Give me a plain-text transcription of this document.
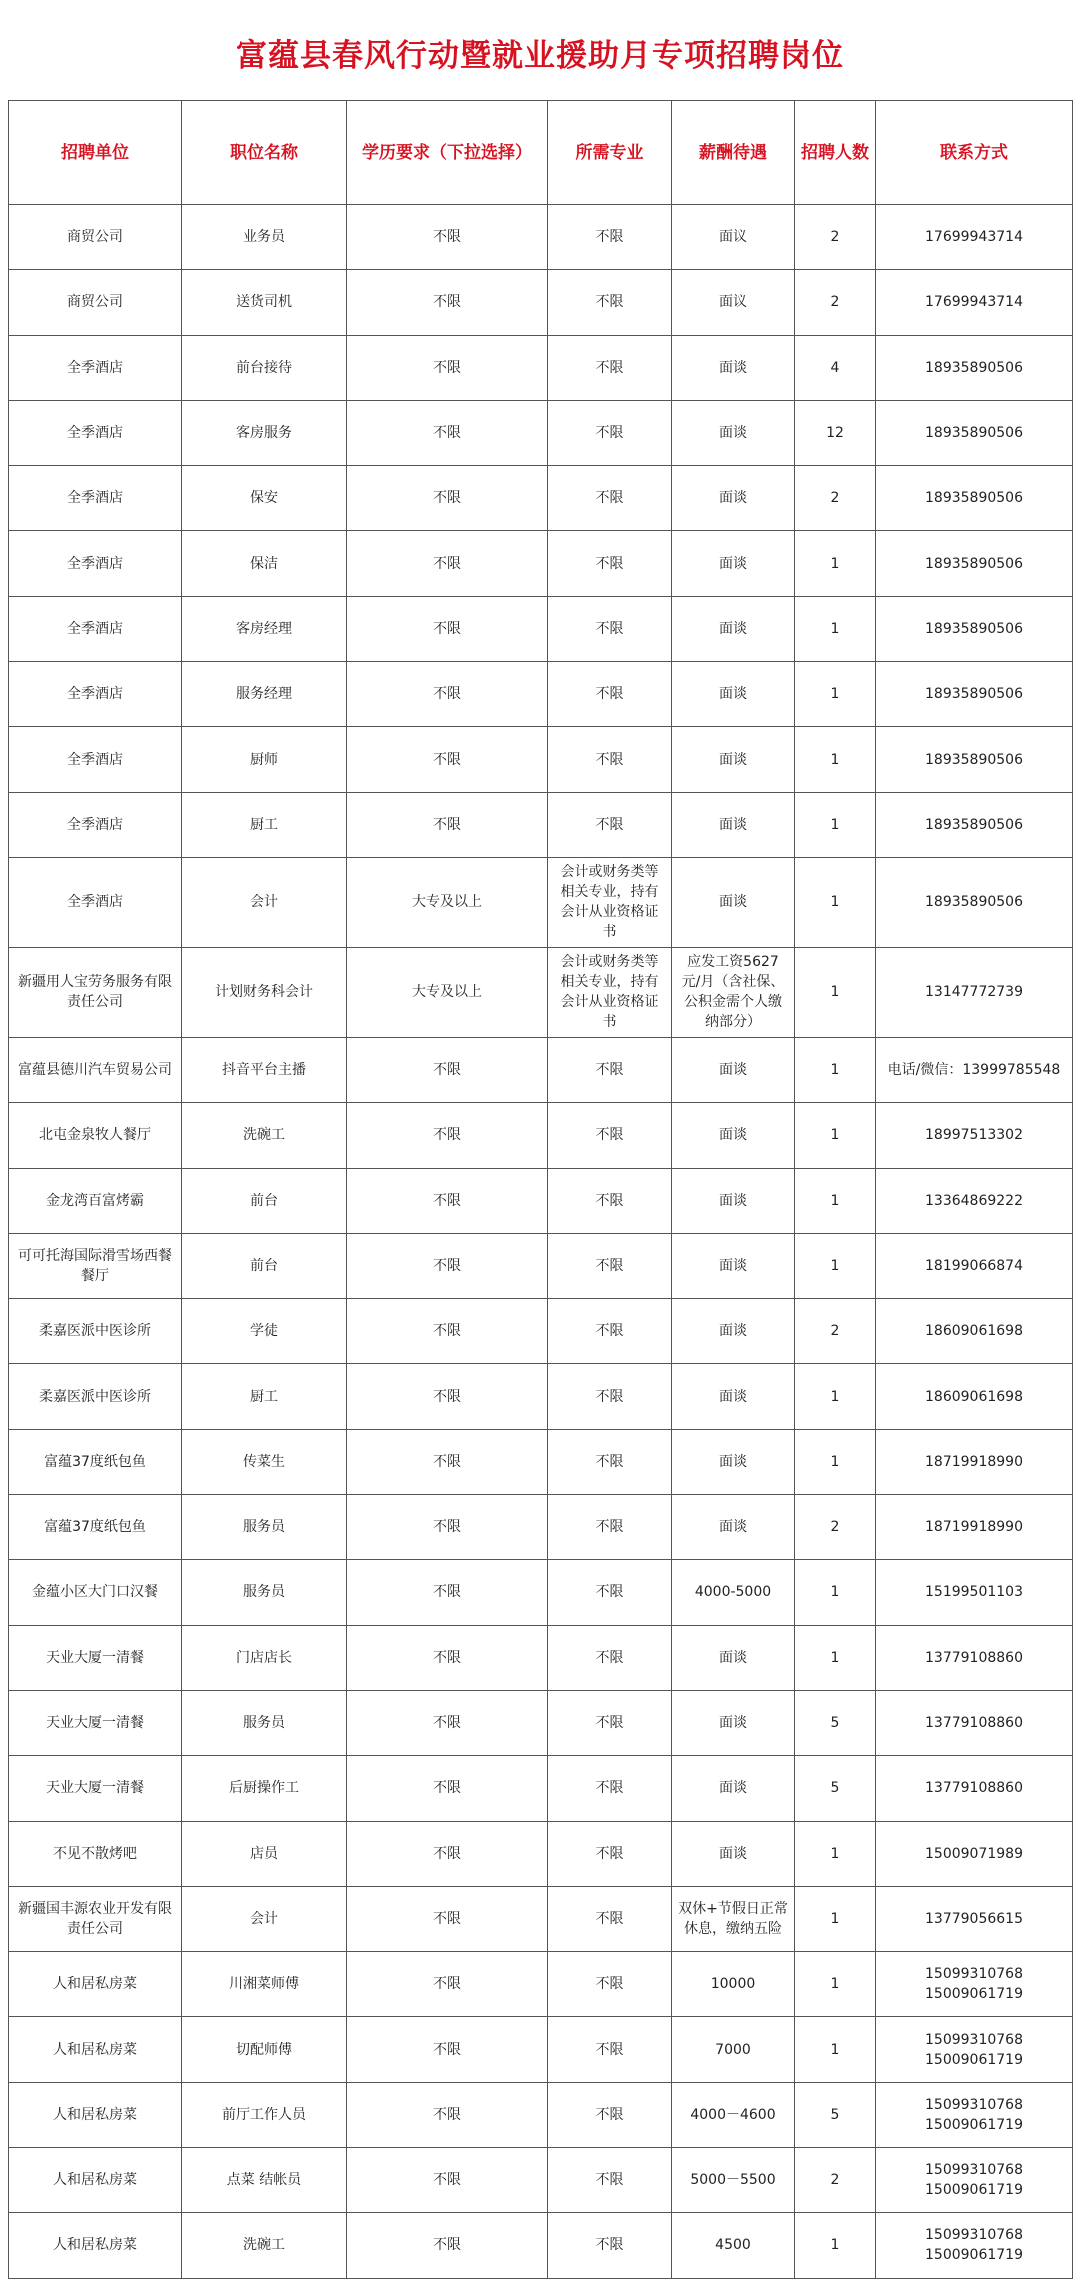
富蕴县春风行动暨就业援助月专项招聘岗位
招聘单位	职位名称	学历要求（下拉选择）	所需专业	薪酬待遇	招聘人数	联系方式
商贸公司	业务员	不限	不限	面议	2	17699943714

商贸公司	送货司机	不限	不限	面议	2	17699943714

全季酒店	前台接待	不限	不限	面谈	4	18935890506

全季酒店	客房服务	不限	不限	面谈	12	18935890506

全季酒店	保安	不限	不限	面谈	2	18935890506

全季酒店	保洁	不限	不限	面谈	1	18935890506

全季酒店	客房经理	不限	不限	面谈	1	18935890506

全季酒店	服务经理	不限	不限	面谈	1	18935890506

全季酒店	厨师	不限	不限	面谈	1	18935890506

全季酒店	厨工	不限	不限	面谈	1	18935890506

全季酒店	会计	大专及以上	会计或财务类等相关专业，持有会计从业资格证书	面谈	1	18935890506

新疆用人宝劳务服务有限责任公司	计划财务科会计	大专及以上	会计或财务类等相关专业，持有会计从业资格证书	应发工资5627元/月（含社保、公积金需个人缴纳部分）	1	13147772739

富蕴县德川汽车贸易公司	抖音平台主播	不限	不限	面谈	1	电话/微信：13999785548

北屯金泉牧人餐厅	洗碗工	不限	不限	面谈	1	18997513302

金龙湾百富烤霸	前台	不限	不限	面谈	1	13364869222

可可托海国际滑雪场西餐餐厅	前台	不限	不限	面谈	1	18199066874

柔嘉医派中医诊所	学徒	不限	不限	面谈	2	18609061698

柔嘉医派中医诊所	厨工	不限	不限	面谈	1	18609061698

富蕴37度纸包鱼	传菜生	不限	不限	面谈	1	18719918990

富蕴37度纸包鱼	服务员	不限	不限	面谈	2	18719918990

金蕴小区大门口汉餐	服务员	不限	不限	4000-5000	1	15199501103

天业大厦一清餐	门店店长	不限	不限	面谈	1	13779108860

天业大厦一清餐	服务员	不限	不限	面谈	5	13779108860

天业大厦一清餐	后厨操作工	不限	不限	面谈	5	13779108860

不见不散烤吧	店员	不限	不限	面谈	1	15009071989

新疆国丰源农业开发有限责任公司	会计	不限	不限	双休+节假日正常休息，缴纳五险	1	13779056615

人和居私房菜	川湘菜师傅	不限	不限	10000	1	15099310768
15009061719

人和居私房菜	切配师傅	不限	不限	7000	1	15099310768
15009061719

人和居私房菜	前厅工作人员	不限	不限	4000－4600	5	15099310768
15009061719

人和居私房菜	点菜 结帐员	不限	不限	5000－5500	2	15099310768
15009061719

人和居私房菜	洗碗工	不限	不限	4500	1	15099310768
15009061719
